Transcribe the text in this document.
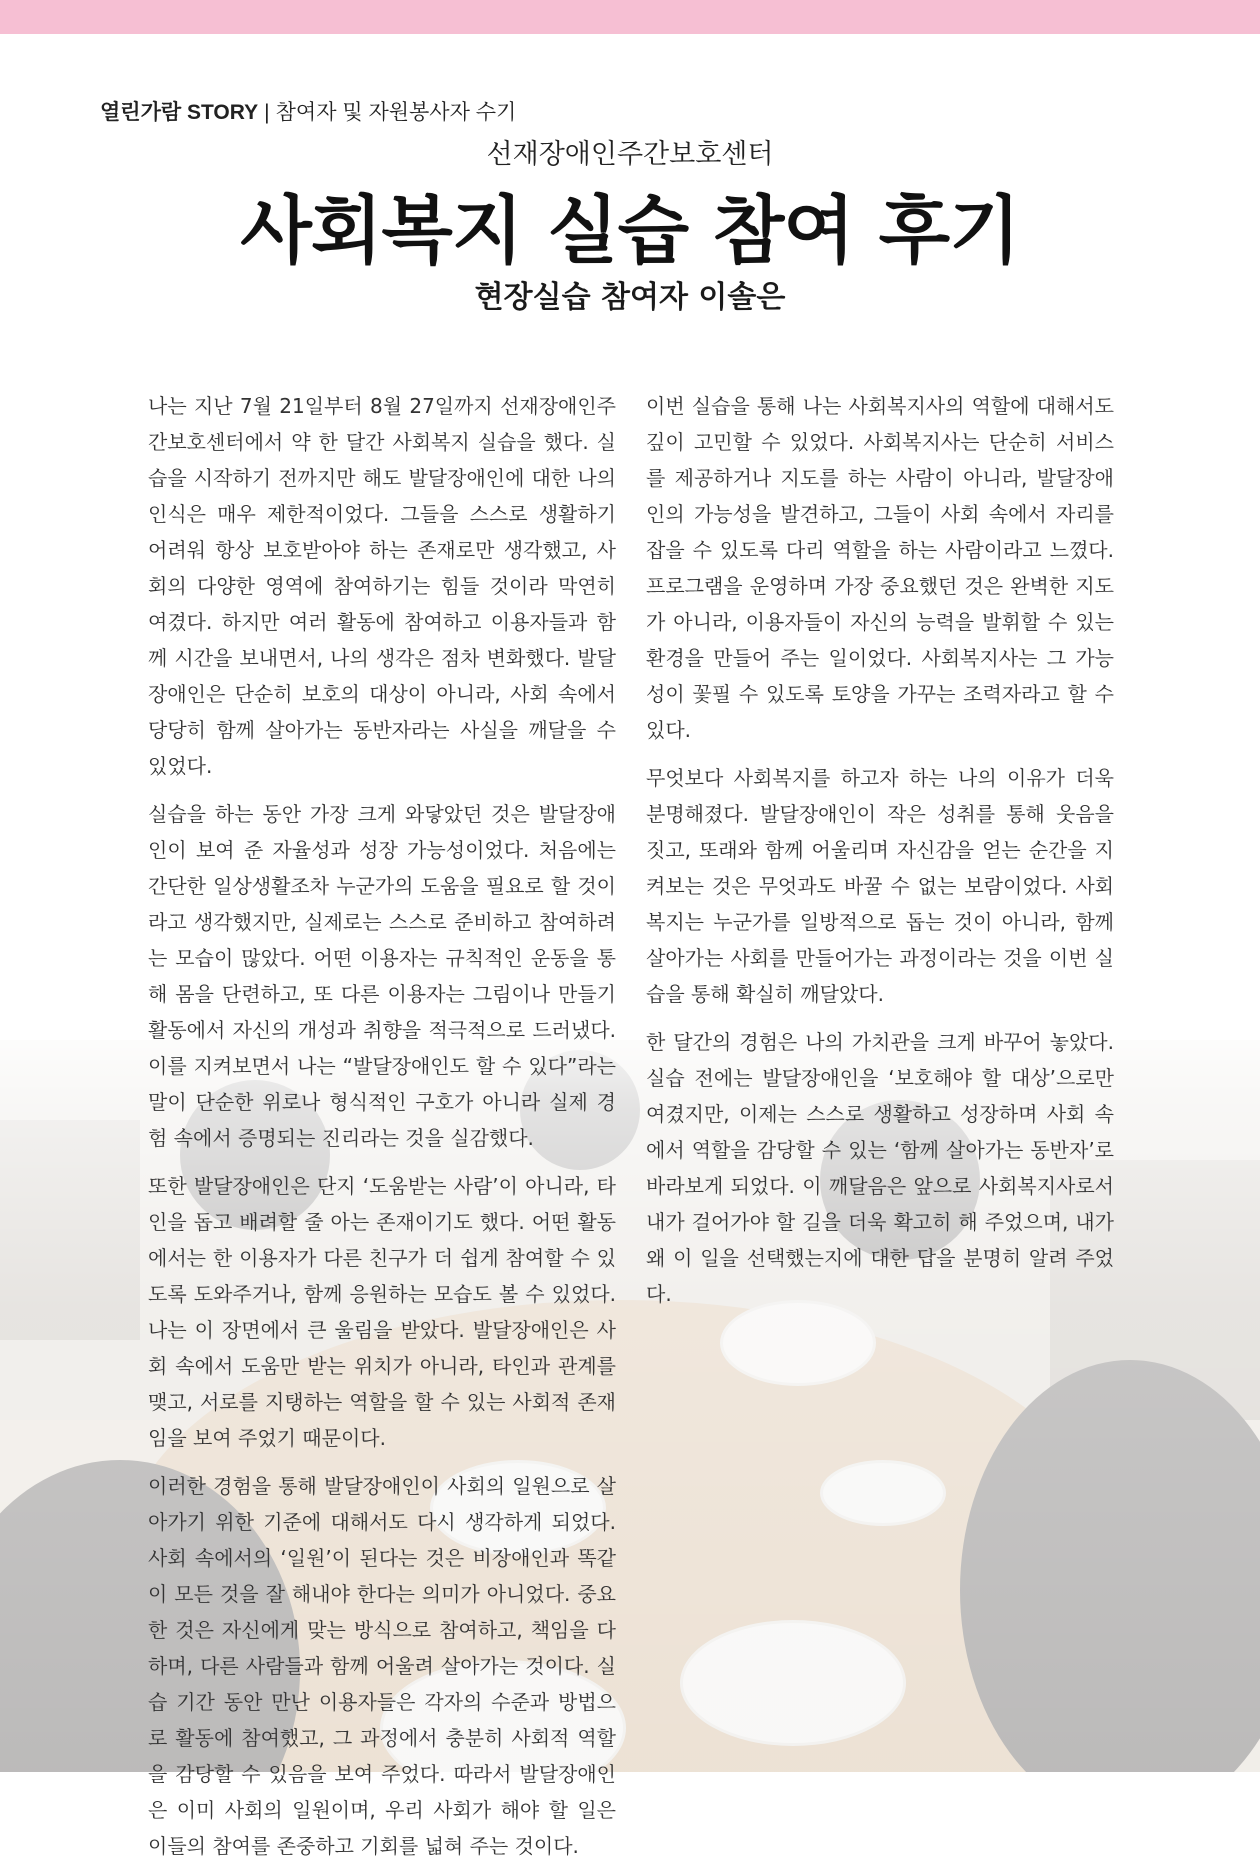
열린가람 STORY | 참여자 및 자원봉사자 수기
선재장애인주간보호센터
사회복지 실습 참여 후기
현장실습 참여자 이솔은

나는 지난 7월 21일부터 8월 27일까지 선재장애인주간보호센터에서 약 한 달간 사회복지 실습을 했다. 실습을 시작하기 전까지만 해도 발달장애인에 대한 나의 인식은 매우 제한적이었다. 그들을 스스로 생활하기 어려워 항상 보호받아야 하는 존재로만 생각했고, 사회의 다양한 영역에 참여하기는 힘들 것이라 막연히 여겼다. 하지만 여러 활동에 참여하고 이용자들과 함께 시간을 보내면서, 나의 생각은 점차 변화했다. 발달장애인은 단순히 보호의 대상이 아니라, 사회 속에서 당당히 함께 살아가는 동반자라는 사실을 깨달을 수 있었다.

실습을 하는 동안 가장 크게 와닿았던 것은 발달장애인이 보여 준 자율성과 성장 가능성이었다. 처음에는 간단한 일상생활조차 누군가의 도움을 필요로 할 것이라고 생각했지만, 실제로는 스스로 준비하고 참여하려는 모습이 많았다. 어떤 이용자는 규칙적인 운동을 통해 몸을 단련하고, 또 다른 이용자는 그림이나 만들기 활동에서 자신의 개성과 취향을 적극적으로 드러냈다. 이를 지켜보면서 나는 “발달장애인도 할 수 있다”라는 말이 단순한 위로나 형식적인 구호가 아니라 실제 경험 속에서 증명되는 진리라는 것을 실감했다.

또한 발달장애인은 단지 ‘도움받는 사람’이 아니라, 타인을 돕고 배려할 줄 아는 존재이기도 했다. 어떤 활동에서는 한 이용자가 다른 친구가 더 쉽게 참여할 수 있도록 도와주거나, 함께 응원하는 모습도 볼 수 있었다. 나는 이 장면에서 큰 울림을 받았다. 발달장애인은 사회 속에서 도움만 받는 위치가 아니라, 타인과 관계를 맺고, 서로를 지탱하는 역할을 할 수 있는 사회적 존재임을 보여 주었기 때문이다.

이러한 경험을 통해 발달장애인이 사회의 일원으로 살아가기 위한 기준에 대해서도 다시 생각하게 되었다. 사회 속에서의 ‘일원’이 된다는 것은 비장애인과 똑같이 모든 것을 잘 해내야 한다는 의미가 아니었다. 중요한 것은 자신에게 맞는 방식으로 참여하고, 책임을 다하며, 다른 사람들과 함께 어울려 살아가는 것이다. 실습 기간 동안 만난 이용자들은 각자의 수준과 방법으로 활동에 참여했고, 그 과정에서 충분히 사회적 역할을 감당할 수 있음을 보여 주었다. 따라서 발달장애인은 이미 사회의 일원이며, 우리 사회가 해야 할 일은 이들의 참여를 존중하고 기회를 넓혀 주는 것이다.

이번 실습을 통해 나는 사회복지사의 역할에 대해서도 깊이 고민할 수 있었다. 사회복지사는 단순히 서비스를 제공하거나 지도를 하는 사람이 아니라, 발달장애인의 가능성을 발견하고, 그들이 사회 속에서 자리를 잡을 수 있도록 다리 역할을 하는 사람이라고 느꼈다. 프로그램을 운영하며 가장 중요했던 것은 완벽한 지도가 아니라, 이용자들이 자신의 능력을 발휘할 수 있는 환경을 만들어 주는 일이었다. 사회복지사는 그 가능성이 꽃필 수 있도록 토양을 가꾸는 조력자라고 할 수 있다.

무엇보다 사회복지를 하고자 하는 나의 이유가 더욱 분명해졌다. 발달장애인이 작은 성취를 통해 웃음을 짓고, 또래와 함께 어울리며 자신감을 얻는 순간을 지켜보는 것은 무엇과도 바꿀 수 없는 보람이었다. 사회복지는 누군가를 일방적으로 돕는 것이 아니라, 함께 살아가는 사회를 만들어가는 과정이라는 것을 이번 실습을 통해 확실히 깨달았다.

한 달간의 경험은 나의 가치관을 크게 바꾸어 놓았다. 실습 전에는 발달장애인을 ‘보호해야 할 대상’으로만 여겼지만, 이제는 스스로 생활하고 성장하며 사회 속에서 역할을 감당할 수 있는 ‘함께 살아가는 동반자’로 바라보게 되었다. 이 깨달음은 앞으로 사회복지사로서 내가 걸어가야 할 길을 더욱 확고히 해 주었으며, 내가 왜 이 일을 선택했는지에 대한 답을 분명히 알려 주었다.
